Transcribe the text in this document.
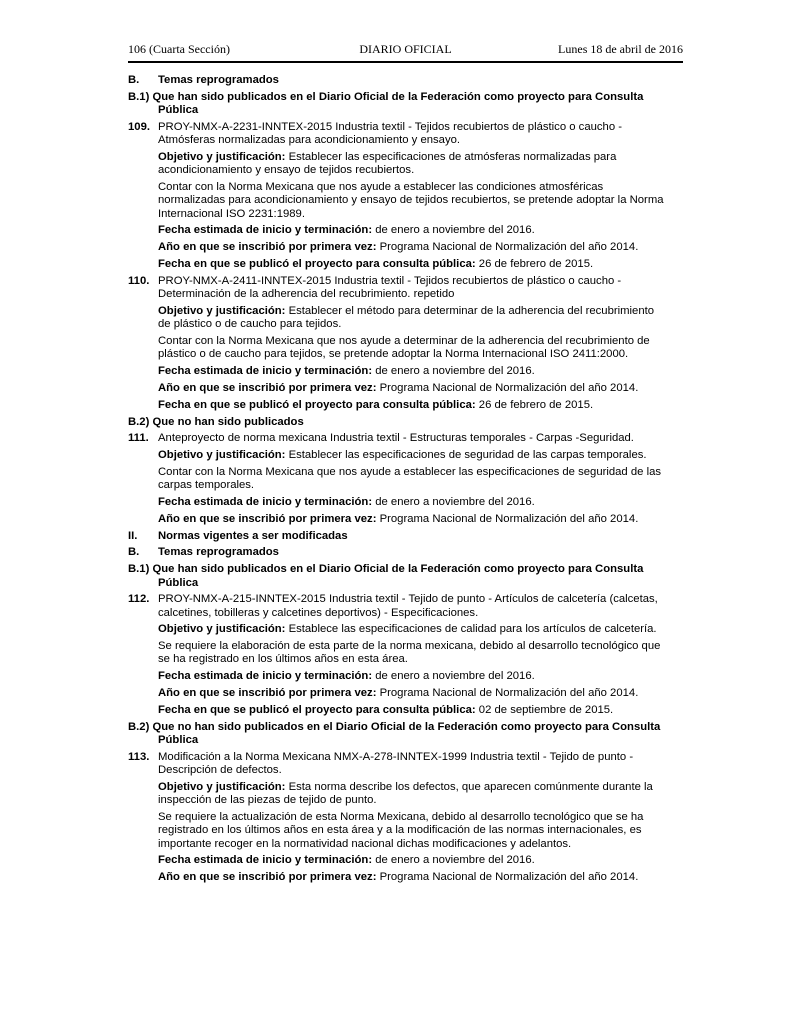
106 (Cuarta Sección)	DIARIO OFICIAL	Lunes 18 de abril de 2016
B. Temas reprogramados
B.1) Que han sido publicados en el Diario Oficial de la Federación como proyecto para Consulta
Pública
109. PROY-NMX-A-2231-INNTEX-2015 Industria textil - Tejidos recubiertos de plástico o caucho -
Atmósferas normalizadas para acondicionamiento y ensayo.
Objetivo y justificación: Establecer las especificaciones de atmósferas normalizadas para
acondicionamiento y ensayo de tejidos recubiertos.
Contar con la Norma Mexicana que nos ayude a establecer las condiciones atmosféricas
normalizadas para acondicionamiento y ensayo de tejidos recubiertos, se pretende adoptar la Norma
Internacional ISO 2231:1989.
Fecha estimada de inicio y terminación: de enero a noviembre del 2016.
Año en que se inscribió por primera vez: Programa Nacional de Normalización del año 2014.
Fecha en que se publicó el proyecto para consulta pública: 26 de febrero de 2015.
110. PROY-NMX-A-2411-INNTEX-2015 Industria textil - Tejidos recubiertos de plástico o caucho -
Determinación de la adherencia del recubrimiento. repetido
Objetivo y justificación: Establecer el método para determinar de la adherencia del recubrimiento
de plástico o de caucho para tejidos.
Contar con la Norma Mexicana que nos ayude a determinar de la adherencia del recubrimiento de
plástico o de caucho para tejidos, se pretende adoptar la Norma Internacional ISO 2411:2000.
Fecha estimada de inicio y terminación: de enero a noviembre del 2016.
Año en que se inscribió por primera vez: Programa Nacional de Normalización del año 2014.
Fecha en que se publicó el proyecto para consulta pública: 26 de febrero de 2015.
B.2) Que no han sido publicados
111. Anteproyecto de norma mexicana Industria textil - Estructuras temporales - Carpas -Seguridad.
Objetivo y justificación: Establecer las especificaciones de seguridad de las carpas temporales.
Contar con la Norma Mexicana que nos ayude a establecer las especificaciones de seguridad de las
carpas temporales.
Fecha estimada de inicio y terminación: de enero a noviembre del 2016.
Año en que se inscribió por primera vez: Programa Nacional de Normalización del año 2014.
II. Normas vigentes a ser modificadas
B. Temas reprogramados
B.1) Que han sido publicados en el Diario Oficial de la Federación como proyecto para Consulta
Pública
112. PROY-NMX-A-215-INNTEX-2015 Industria textil - Tejido de punto - Artículos de calcetería (calcetas,
calcetines, tobilleras y calcetines deportivos) - Especificaciones.
Objetivo y justificación: Establece las especificaciones de calidad para los artículos de calcetería.
Se requiere la elaboración de esta parte de la norma mexicana, debido al desarrollo tecnológico que
se ha registrado en los últimos años en esta área.
Fecha estimada de inicio y terminación: de enero a noviembre del 2016.
Año en que se inscribió por primera vez: Programa Nacional de Normalización del año 2014.
Fecha en que se publicó el proyecto para consulta pública: 02 de septiembre de 2015.
B.2) Que no han sido publicados en el Diario Oficial de la Federación como proyecto para Consulta
Pública
113. Modificación a la Norma Mexicana NMX-A-278-INNTEX-1999 Industria textil - Tejido de punto -
Descripción de defectos.
Objetivo y justificación: Esta norma describe los defectos, que aparecen comúnmente durante la
inspección de las piezas de tejido de punto.
Se requiere la actualización de esta Norma Mexicana, debido al desarrollo tecnológico que se ha
registrado en los últimos años en esta área y a la modificación de las normas internacionales, es
importante recoger en la normatividad nacional dichas modificaciones y adelantos.
Fecha estimada de inicio y terminación: de enero a noviembre del 2016.
Año en que se inscribió por primera vez: Programa Nacional de Normalización del año 2014.
